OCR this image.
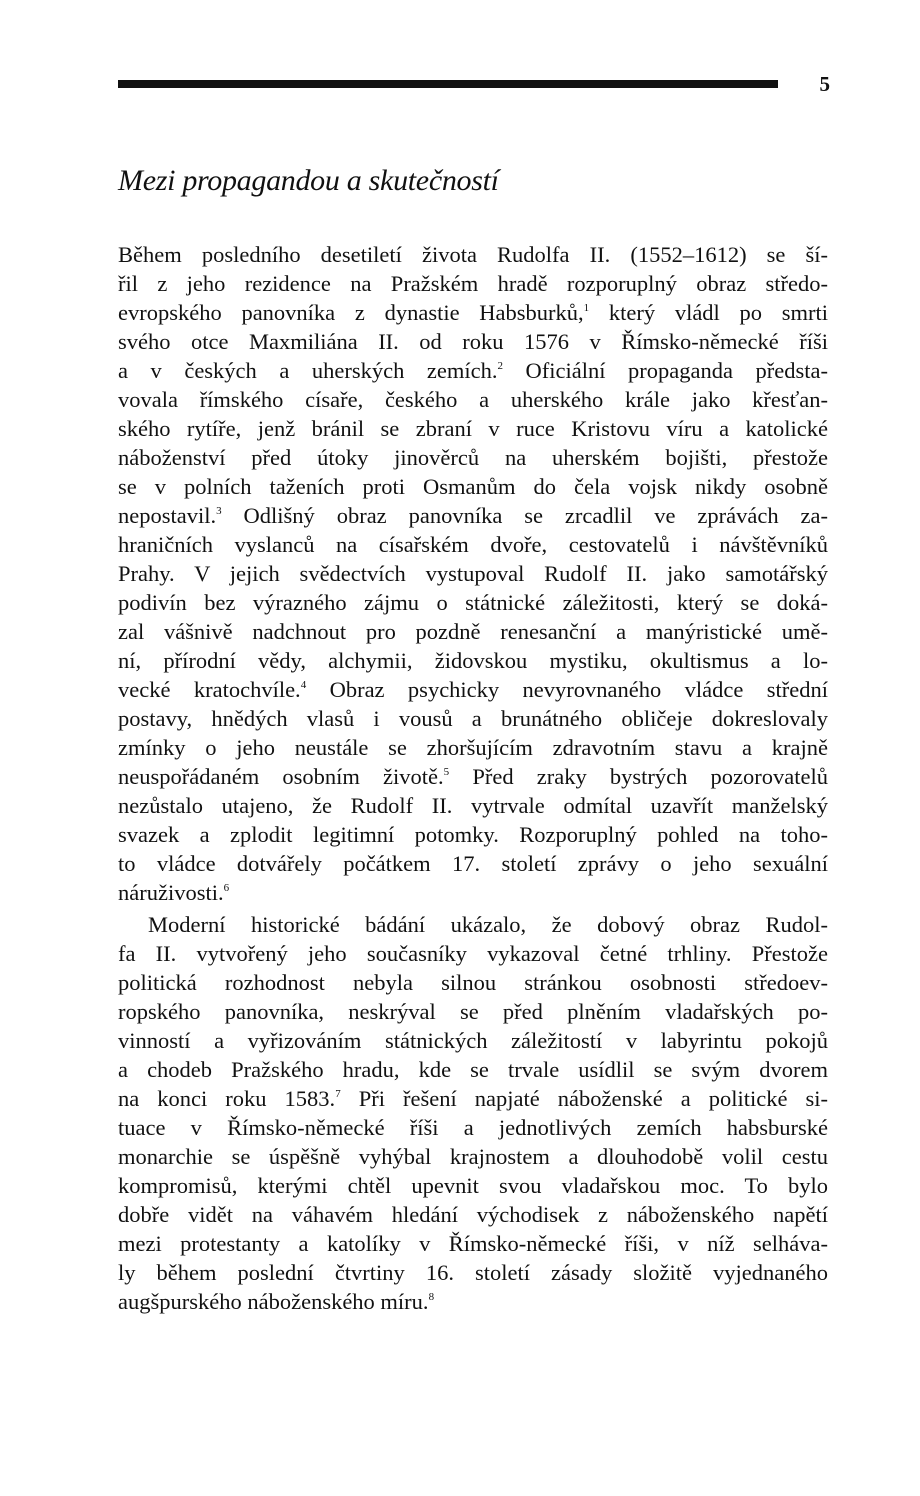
5
Mezi propagandou a skutečností
Během posledního desetiletí života Rudolfa II. (1552–1612) se ší-
řil z jeho rezidence na Pražském hradě rozporuplný obraz středo-
evropského panovníka z dynastie Habsburků,$^1$ který vládl po smrti
svého otce Maxmiliána II. od roku 1576 v Římsko-německé říši
a v českých a uherských zemích.$^2$ Oficiální propaganda předsta-
vovala římského císaře, českého a uherského krále jako křesťan-
ského rytíře, jenž bránil se zbraní v ruce Kristovu víru a katolické
náboženství před útoky jinověrců na uherském bojišti, přestože
se v polních taženích proti Osmanům do čela vojsk nikdy osobně
nepostavil.$^3$ Odlišný obraz panovníka se zrcadlil ve zprávách za-
hraničních vyslanců na císařském dvoře, cestovatelů i návštěvníků
Prahy. V jejich svědectvích vystupoval Rudolf II. jako samotářský
podivín bez výrazného zájmu o státnické záležitosti, který se doká-
zal vášnivě nadchnout pro pozdně renesanční a manýristické umě-
ní, přírodní vědy, alchymii, židovskou mystiku, okultismus a lo-
vecké kratochvíle.$^4$ Obraz psychicky nevyrovnaného vládce střední
postavy, hnědých vlasů i vousů a brunátného obličeje dokreslovaly
zmínky o jeho neustále se zhoršujícím zdravotním stavu a krajně
neuspořádaném osobním životě.$^5$ Před zraky bystrých pozorovatelů
nezůstalo utajeno, že Rudolf II. vytrvale odmítal uzavřít manželský
svazek a zplodit legitimní potomky. Rozporuplný pohled na toho-
to vládce dotvářely počátkem 17. století zprávy o jeho sexuální
náruživosti.$^6$
Moderní historické bádání ukázalo, že dobový obraz Rudol-
fa II. vytvořený jeho současníky vykazoval četné trhliny. Přestože
politická rozhodnost nebyla silnou stránkou osobnosti středoev-
ropského panovníka, neskrýval se před plněním vladařských po-
vinností a vyřizováním státnických záležitostí v labyrintu pokojů
a chodeb Pražského hradu, kde se trvale usídlil se svým dvorem
na konci roku 1583.$^7$ Při řešení napjaté náboženské a politické si-
tuace v Římsko-německé říši a jednotlivých zemích habsburské
monarchie se úspěšně vyhýbal krajnostem a dlouhodobě volil cestu
kompromisů, kterými chtěl upevnit svou vladařskou moc. To bylo
dobře vidět na váhavém hledání východisek z náboženského napětí
mezi protestanty a katolíky v Římsko-německé říši, v níž selháva-
ly během poslední čtvrtiny 16. století zásady složitě vyjednaného
augšpurského náboženského míru.$^8$
